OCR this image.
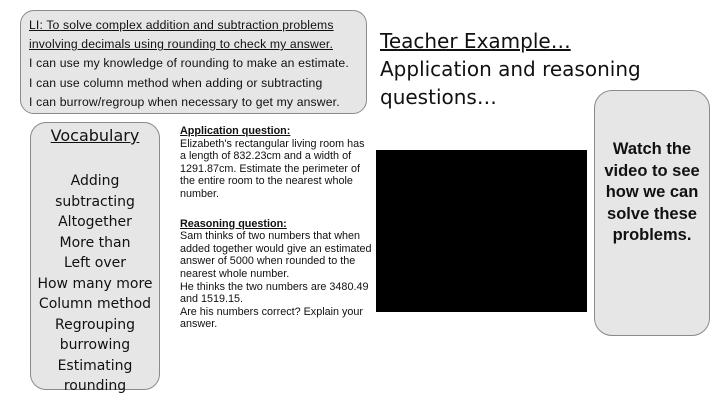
LI: To solve complex addition and subtraction problems
involving decimals using rounding to check my answer.
I can use my knowledge of rounding to make an estimate.
I can use column method when adding or subtracting
I can burrow/regroup when necessary to get my answer.
Teacher Example…
Application and reasoning
questions…
Vocabulary
Adding
subtracting
Altogether
More than
Left over
How many more
Column method
Regrouping
burrowing
Estimating
rounding

Application question:

Elizabeth's rectangular living room has a length of 832.23cm and a width of 1291.87cm. Estimate the perimeter of the entire room to the nearest whole number.

Reasoning question:

Sam thinks of two numbers that when added together would give an estimated answer of 5000 when rounded to the nearest whole number.

He thinks the two numbers are 3480.49 and 1519.15.

Are his numbers correct? Explain your answer.

Watch the video to see how we can solve these problems.
